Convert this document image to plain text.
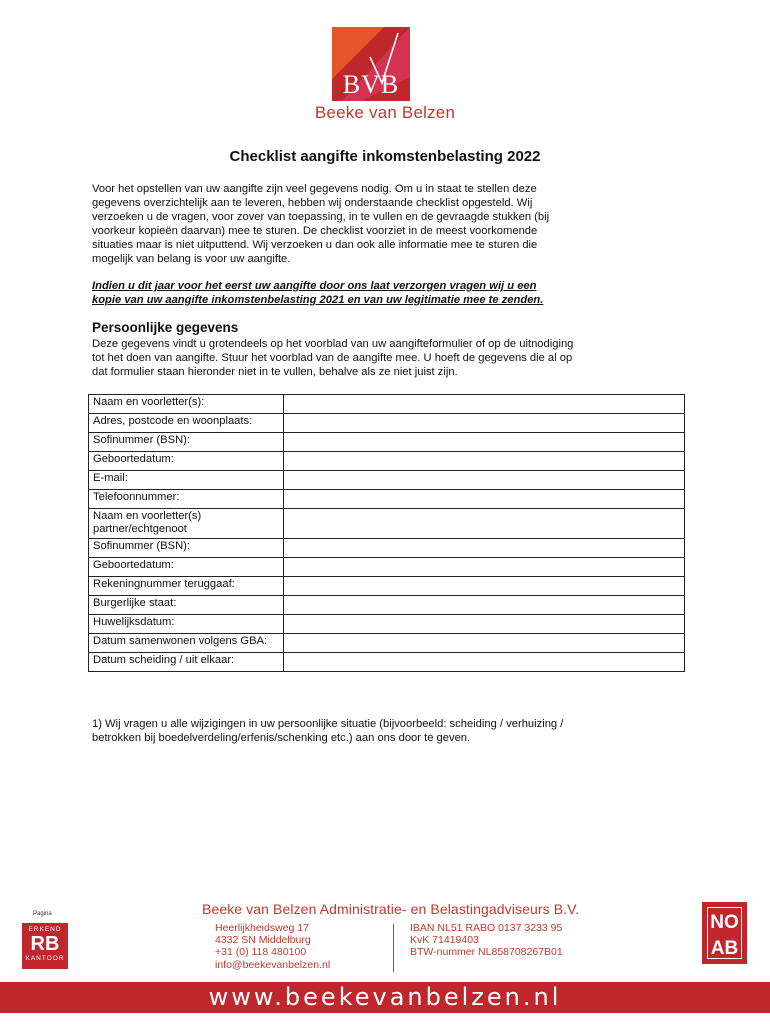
BVB
Beeke van Belzen
Checklist aangifte inkomstenbelasting 2022

Voor het opstellen van uw aangifte zijn veel gegevens nodig. Om u in staat te stellen deze
gegevens overzichtelijk aan te leveren, hebben wij onderstaande checklist opgesteld. Wij
verzoeken u de vragen, voor zover van toepassing, in te vullen en de gevraagde stukken (bij
voorkeur kopieën daarvan) mee te sturen. De checklist voorziet in de meest voorkomende
situaties maar is niet uitputtend. Wij verzoeken u dan ook alle informatie mee te sturen die
mogelijk van belang is voor uw aangifte.

Indien u dit jaar voor het eerst uw aangifte door ons laat verzorgen vragen wij u een
kopie van uw aangifte inkomstenbelasting 2021 en van uw legitimatie mee te zenden.

Persoonlijke gegevens

Deze gegevens vindt u grotendeels op het voorblad van uw aangifteformulier of op de uitnodiging
tot het doen van aangifte. Stuur het voorblad van de aangifte mee. U hoeft de gegevens die al op
dat formulier staan hieronder niet in te vullen, behalve als ze niet juist zijn.

Naam en voorletter(s):	
Adres, postcode en woonplaats:	
Sofinummer (BSN):	
Geboortedatum:	
E-mail:	
Telefoonnummer:	
Naam en voorletter(s) partner/echtgenoot	
Sofinummer (BSN):	
Geboortedatum:	
Rekeningnummer teruggaaf:	
Burgerlijke staat:	
Huwelijksdatum:	
Datum samenwonen volgens GBA:	
Datum scheiding / uit elkaar:	

1) Wij vragen u alle wijzigingen in uw persoonlijke situatie (bijvoorbeeld: scheiding / verhuizing /
betrokken bij boedelverdeling/erfenis/schenking etc.) aan ons door te geven.

Pagina
ERKEND
RB
KANTOOR
Beeke van Belzen Administratie- en Belastingadviseurs B.V.
Heerlijkheidsweg 17
4332 SN Middelburg
+31 (0) 118 480100
info@beekevanbelzen.nl
IBAN NL51 RABO 0137 3233 95
KvK 71419403
BTW-nummer NL858708267B01
NO
AB
www.beekevanbelzen.nl
